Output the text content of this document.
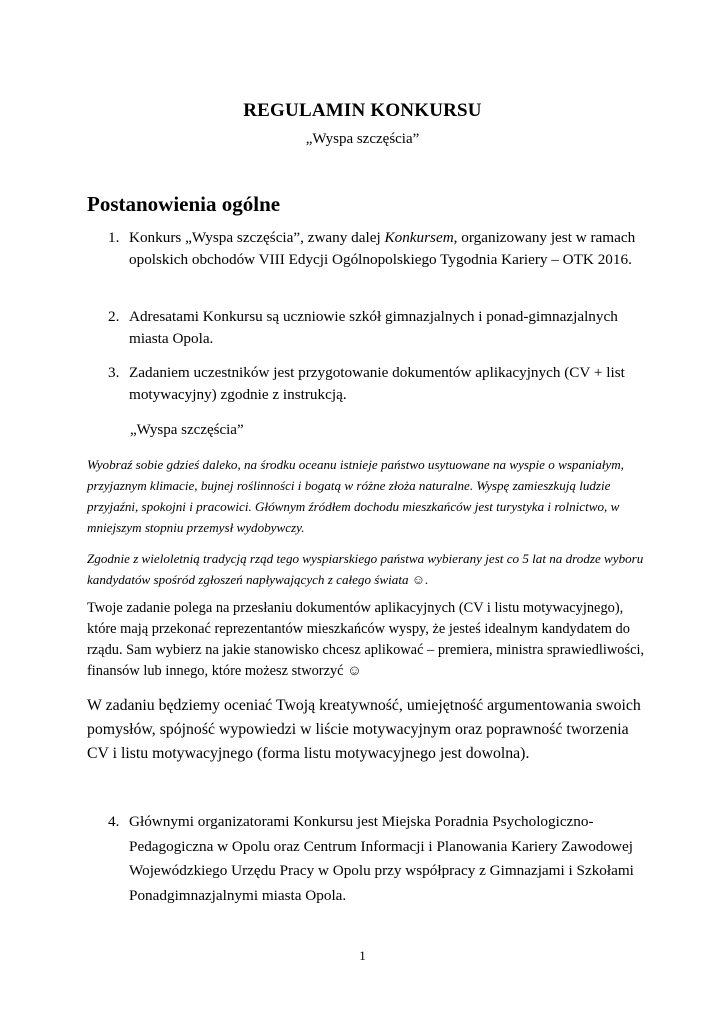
REGULAMIN KONKURSU
„Wyspa szczęścia”
Postanowienia ogólne
1. Konkurs „Wyspa szczęścia”, zwany dalej Konkursem, organizowany jest w ramach opolskich obchodów VIII Edycji Ogólnopolskiego Tygodnia Kariery – OTK 2016.
2. Adresatami Konkursu są uczniowie szkół gimnazjalnych i ponad-gimnazjalnych miasta Opola.
3. Zadaniem uczestników jest przygotowanie dokumentów aplikacyjnych (CV + list motywacyjny) zgodnie z instrukcją.
„Wyspa szczęścia”
Wyobraź sobie gdzieś daleko, na środku oceanu istnieje państwo usytuowane na wyspie o wspaniałym, przyjaznym klimacie, bujnej roślinności i bogatą w różne złoża naturalne. Wyspę zamieszkują ludzie przyjaźni, spokojni i pracowici. Głównym źródłem dochodu mieszkańców jest turystyka i rolnictwo, w mniejszym stopniu przemysł wydobywczy.
Zgodnie z wieloletnią tradycją rząd tego wyspiarskiego państwa wybierany jest co 5 lat na drodze wyboru kandydatów spośród zgłoszeń napływających z całego świata ☺.
Twoje zadanie polega na przesłaniu dokumentów aplikacyjnych (CV i listu motywacyjnego), które mają przekonać reprezentantów mieszkańców wyspy, że jesteś idealnym kandydatem do rządu. Sam wybierz na jakie stanowisko chcesz aplikować – premiera, ministra sprawiedliwości, finansów lub innego, które możesz stworzyć ☺
W zadaniu będziemy oceniać Twoją kreatywność, umiejętność argumentowania swoich pomysłów, spójność wypowiedzi w liście motywacyjnym oraz poprawność tworzenia CV i listu motywacyjnego (forma listu motywacyjnego jest dowolna).
4. Głównymi organizatorami Konkursu jest Miejska Poradnia Psychologiczno-Pedagogiczna w Opolu oraz Centrum Informacji i Planowania Kariery Zawodowej Wojewódzkiego Urzędu Pracy w Opolu przy współpracy z Gimnazjami i Szkołami Ponadgimnazjalnymi miasta Opola.
1
